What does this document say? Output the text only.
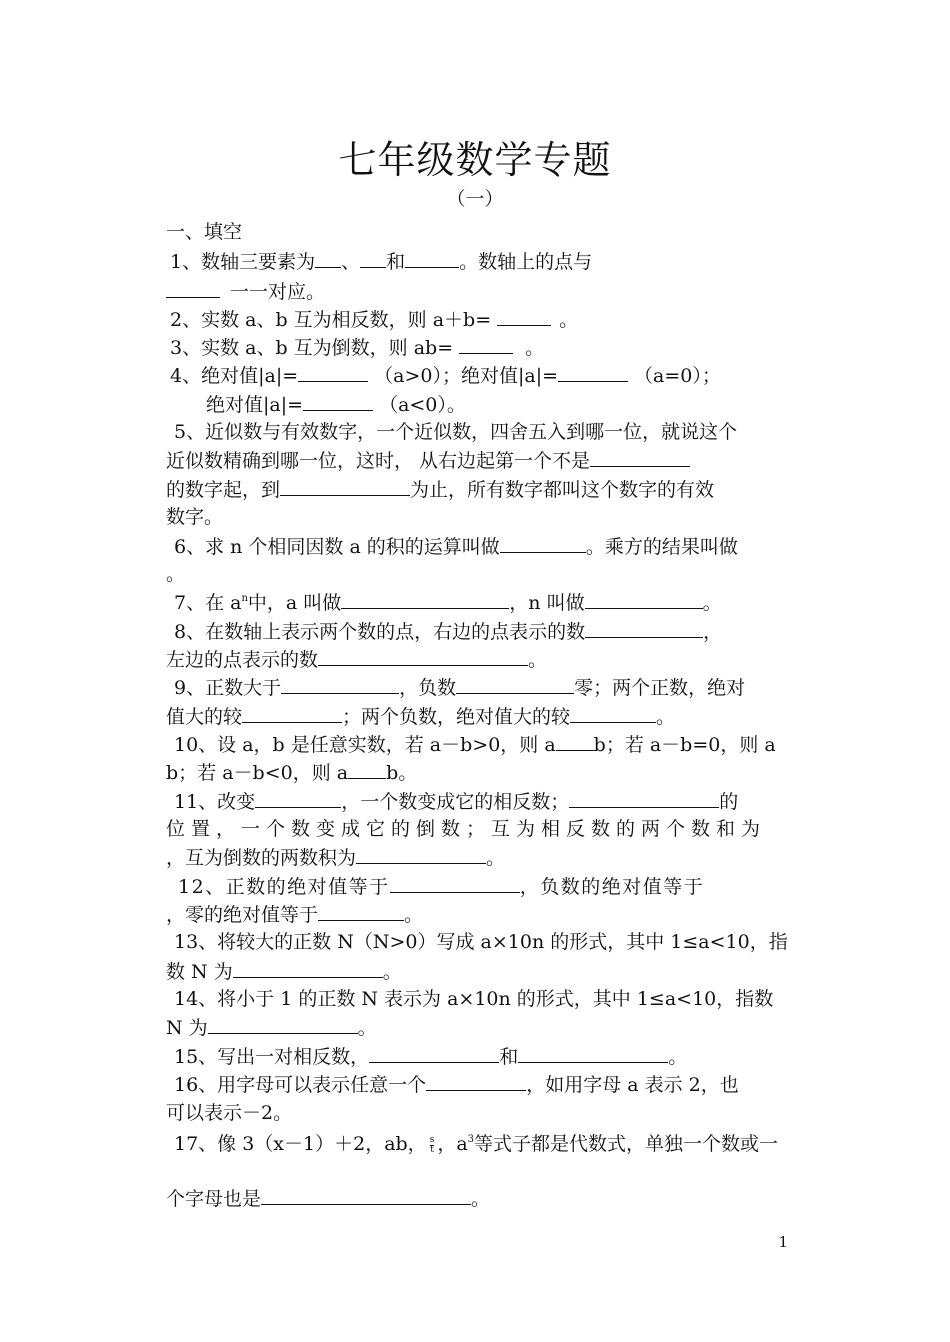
七年级数学专题
（一）
一、填空
1、数轴三要素为 、 和	。数轴上的点与
一一对应。
2、实数 a、b 互为相反数，则 a＋b=	。
3、实数 a、b 互为倒数，则 ab=	。
4、绝对值|a|=	（a>0）；绝对值|a|=	（a=0）；
绝对值|a|=	（a<0）。
5、近似数与有效数字，一个近似数，四舍五入到哪一位，就说这个
近似数精确到哪一位，这时， 从右边起第一个不是
的数字起，到	为止，所有数字都叫这个数字的有效
数字。
6、求 n 个相同因数 a 的积的运算叫做	。乘方的结果叫做
。
7、在 $a^n$中，a 叫做	，n 叫做	。
8、在数轴上表示两个数的点，右边的点表示的数	，
左边的点表示的数	。
9、正数大于	，负数	零；两个正数，绝对
值大的较	；两个负数，绝对值大的较	。
10、设 a，b 是任意实数，若 a－b>0，则 a b；若 a－b=0，则 a
b；若 a－b<0，则 a b。
11、改变	，一个数变成它的相反数；	的
位置，一个数变成它的倒数；互为相反数的两个数和为
，互为倒数的两数积为	。
12、正数的绝对值等于	，负数的绝对值等于
，零的绝对值等于	。
13、将较大的正数 N（N>0）写成 a×10n 的形式，其中 1≤a<10，指
数 N 为	。
14、将小于 1 的正数 N 表示为 a×10n 的形式，其中 1≤a<10，指数
N 为	。
15、写出一对相反数，	和	。
16、用字母可以表示任意一个	，如用字母 a 表示 2，也
可以表示－2。
17、像 3（x－1）＋2，ab， $\frac{s}{t}$ ，$a^3$等式子都是代数式，单独一个数或一
个字母也是	。
1
